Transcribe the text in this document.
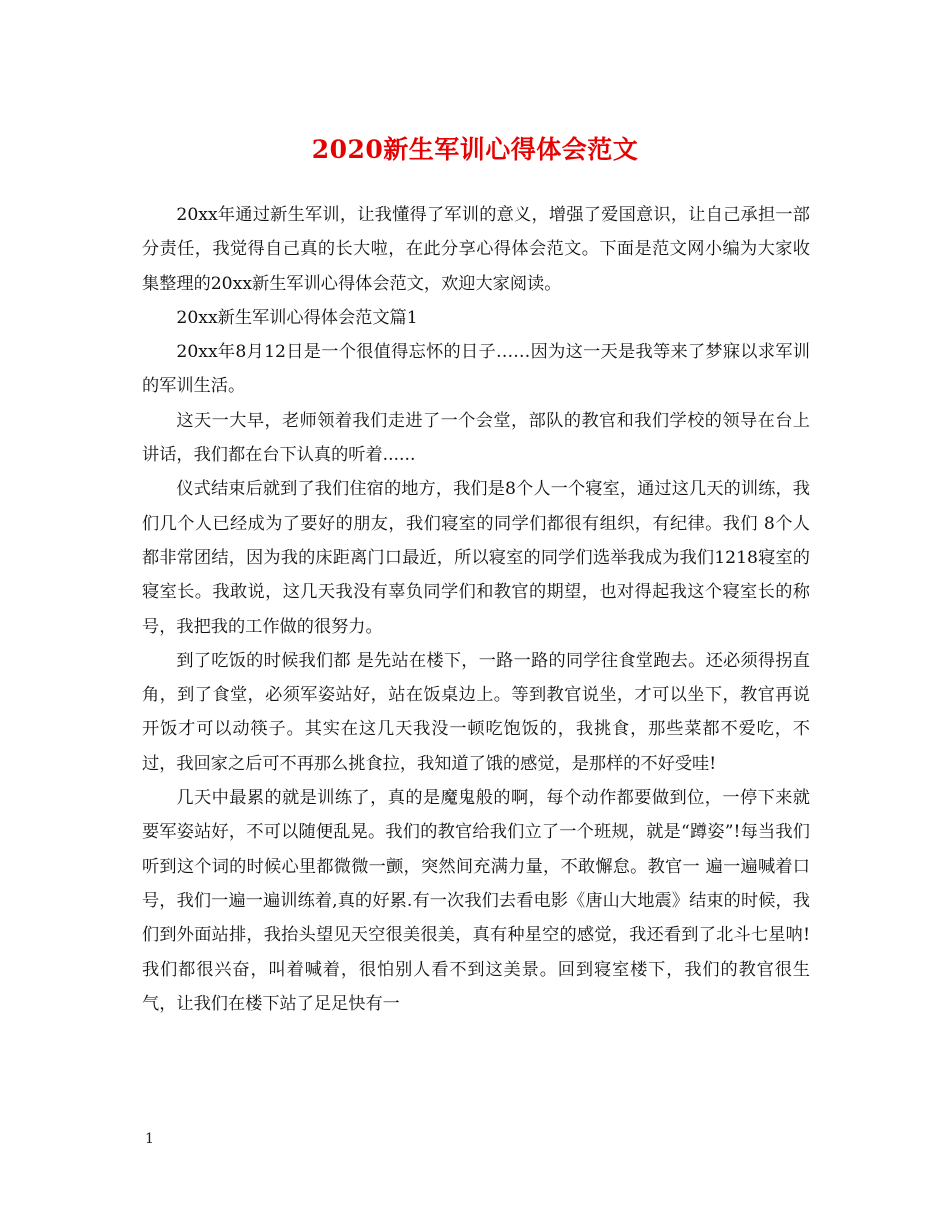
2020新生军训心得体会范文

20xx年通过新生军训，让我懂得了军训的意义，增强了爱国意识，让自己承担一部分责任，我觉得自己真的长大啦，在此分享心得体会范文。下面是范文网小编为大家收集整理的20xx新生军训心得体会范文，欢迎大家阅读。

20xx新生军训心得体会范文篇1

20xx年8月12日是一个很值得忘怀的日子……因为这一天是我等来了梦寐以求军训的军训生活。

这天一大早，老师领着我们走进了一个会堂，部队的教官和我们学校的领导在台上讲话，我们都在台下认真的听着......

仪式结束后就到了我们住宿的地方，我们是8个人一个寝室，通过这几天的训练，我们几个人已经成为了要好的朋友，我们寝室的同学们都很有组织，有纪律。我们 8个人都非常团结，因为我的床距离门口最近，所以寝室的同学们选举我成为我们1218寝室的寝室长。我敢说，这几天我没有辜负同学们和教官的期望，也对得起我这个寝室长的称号，我把我的工作做的很努力。

到了吃饭的时候我们都 是先站在楼下，一路一路的同学往食堂跑去。还必须得拐直角，到了食堂，必须军姿站好，站在饭桌边上。等到教官说坐，才可以坐下，教官再说开饭才可以动筷子。其实在这几天我没一顿吃饱饭的，我挑食，那些菜都不爱吃，不过，我回家之后可不再那么挑食拉，我知道了饿的感觉，是那样的不好受哇!

几天中最累的就是训练了，真的是魔鬼般的啊，每个动作都要做到位，一停下来就要军姿站好，不可以随便乱晃。我们的教官给我们立了一个班规，就是“蹲姿”!每当我们听到这个词的时候心里都微微一颤，突然间充满力量，不敢懈怠。教官一 遍一遍喊着口号，我们一遍一遍训练着,真的好累.有一次我们去看电影《唐山大地震》结束的时候，我们到外面站排，我抬头望见天空很美很美，真有种星空的感觉，我还看到了北斗七星呐!我们都很兴奋，叫着喊着，很怕别人看不到这美景。回到寝室楼下，我们的教官很生气，让我们在楼下站了足足快有一

1
